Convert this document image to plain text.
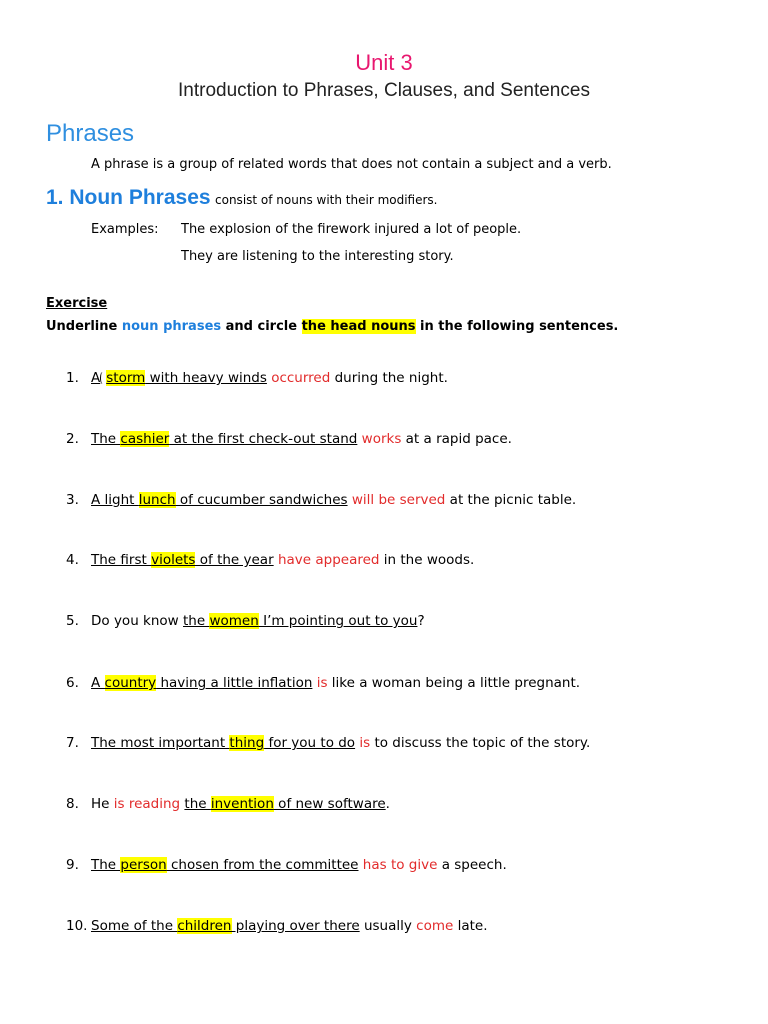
Unit 3
Introduction to Phrases, Clauses, and Sentences
Phrases
A phrase is a group of related words that does not contain a subject and a verb.
1. Noun Phrases consist of nouns with their modifiers.
Examples: The explosion of the firework injured a lot of people.
They are listening to the interesting story.
Exercise
Underline noun phrases and circle the head nouns in the following sentences.
1. A storm with heavy winds occurred during the night.
2. The cashier at the first check-out stand works at a rapid pace.
3. A light lunch of cucumber sandwiches will be served at the picnic table.
4. The first violets of the year have appeared in the woods.
5. Do you know the women I’m pointing out to you?
6. A country having a little inflation is like a woman being a little pregnant.
7. The most important thing for you to do is to discuss the topic of the story.
8. He is reading the invention of new software.
9. The person chosen from the committee has to give a speech.
10. Some of the children playing over there usually come late.
